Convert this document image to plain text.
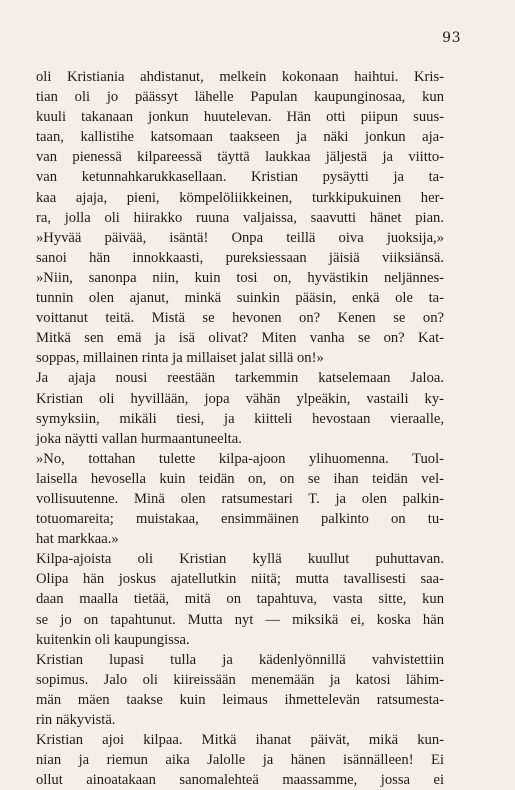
93
oli Kristiania ahdistanut, melkein kokonaan haihtui. Kris-
tian oli jo päässyt lähelle Papulan kaupunginosaa, kun
kuuli takanaan jonkun huutelevan. Hän otti piipun suus-
taan, kallistihe katsomaan taakseen ja näki jonkun aja-
van pienessä kilpareessä täyttä laukkaa jäljestä ja viitto-
van ketunnahkarukkasellaan. Kristian pysäytti ja ta-
kaa ajaja, pieni, kömpelöliikkeinen, turkkipukuinen her-
ra, jolla oli hiirakko ruuna valjaissa, saavutti hänet pian.
»Hyvää päivää, isäntä! Onpa teillä oiva juoksija,»
sanoi hän innokkaasti, pureksiessaan jäisiä viiksiänsä.
»Niin, sanonpa niin, kuin tosi on, hyvästikin neljännes-
tunnin olen ajanut, minkä suinkin pääsin, enkä ole ta-
voittanut teitä. Mistä se hevonen on? Kenen se on?
Mitkä sen emä ja isä olivat? Miten vanha se on? Kat-
soppas, millainen rinta ja millaiset jalat sillä on!»
Ja ajaja nousi reestään tarkemmin katselemaan Jaloa.
Kristian oli hyvillään, jopa vähän ylpeäkin, vastaili ky-
symyksiin, mikäli tiesi, ja kiitteli hevostaan vieraalle,
joka näytti vallan hurmaantuneelta.
»No, tottahan tulette kilpa-ajoon ylihuomenna. Tuol-
laisella hevosella kuin teidän on, on se ihan teidän vel-
vollisuutenne. Minä olen ratsumestari T. ja olen palkin-
totuomareita; muistakaa, ensimmäinen palkinto on tu-
hat markkaa.»
Kilpa-ajoista oli Kristian kyllä kuullut puhuttavan.
Olipa hän joskus ajatellutkin niitä; mutta tavallisesti saa-
daan maalla tietää, mitä on tapahtuva, vasta sitte, kun
se jo on tapahtunut. Mutta nyt — miksikä ei, koska hän
kuitenkin oli kaupungissa.
Kristian lupasi tulla ja kädenlyönnillä vahvistettiin
sopimus. Jalo oli kiireissään menemään ja katosi lähim-
män mäen taakse kuin leimaus ihmettelevän ratsumesta-
rin näkyvistä.
Kristian ajoi kilpaa. Mitkä ihanat päivät, mikä kun-
nian ja riemun aika Jalolle ja hänen isännälleen! Ei
ollut ainoatakaan sanomalehteä maassamme, jossa ei
